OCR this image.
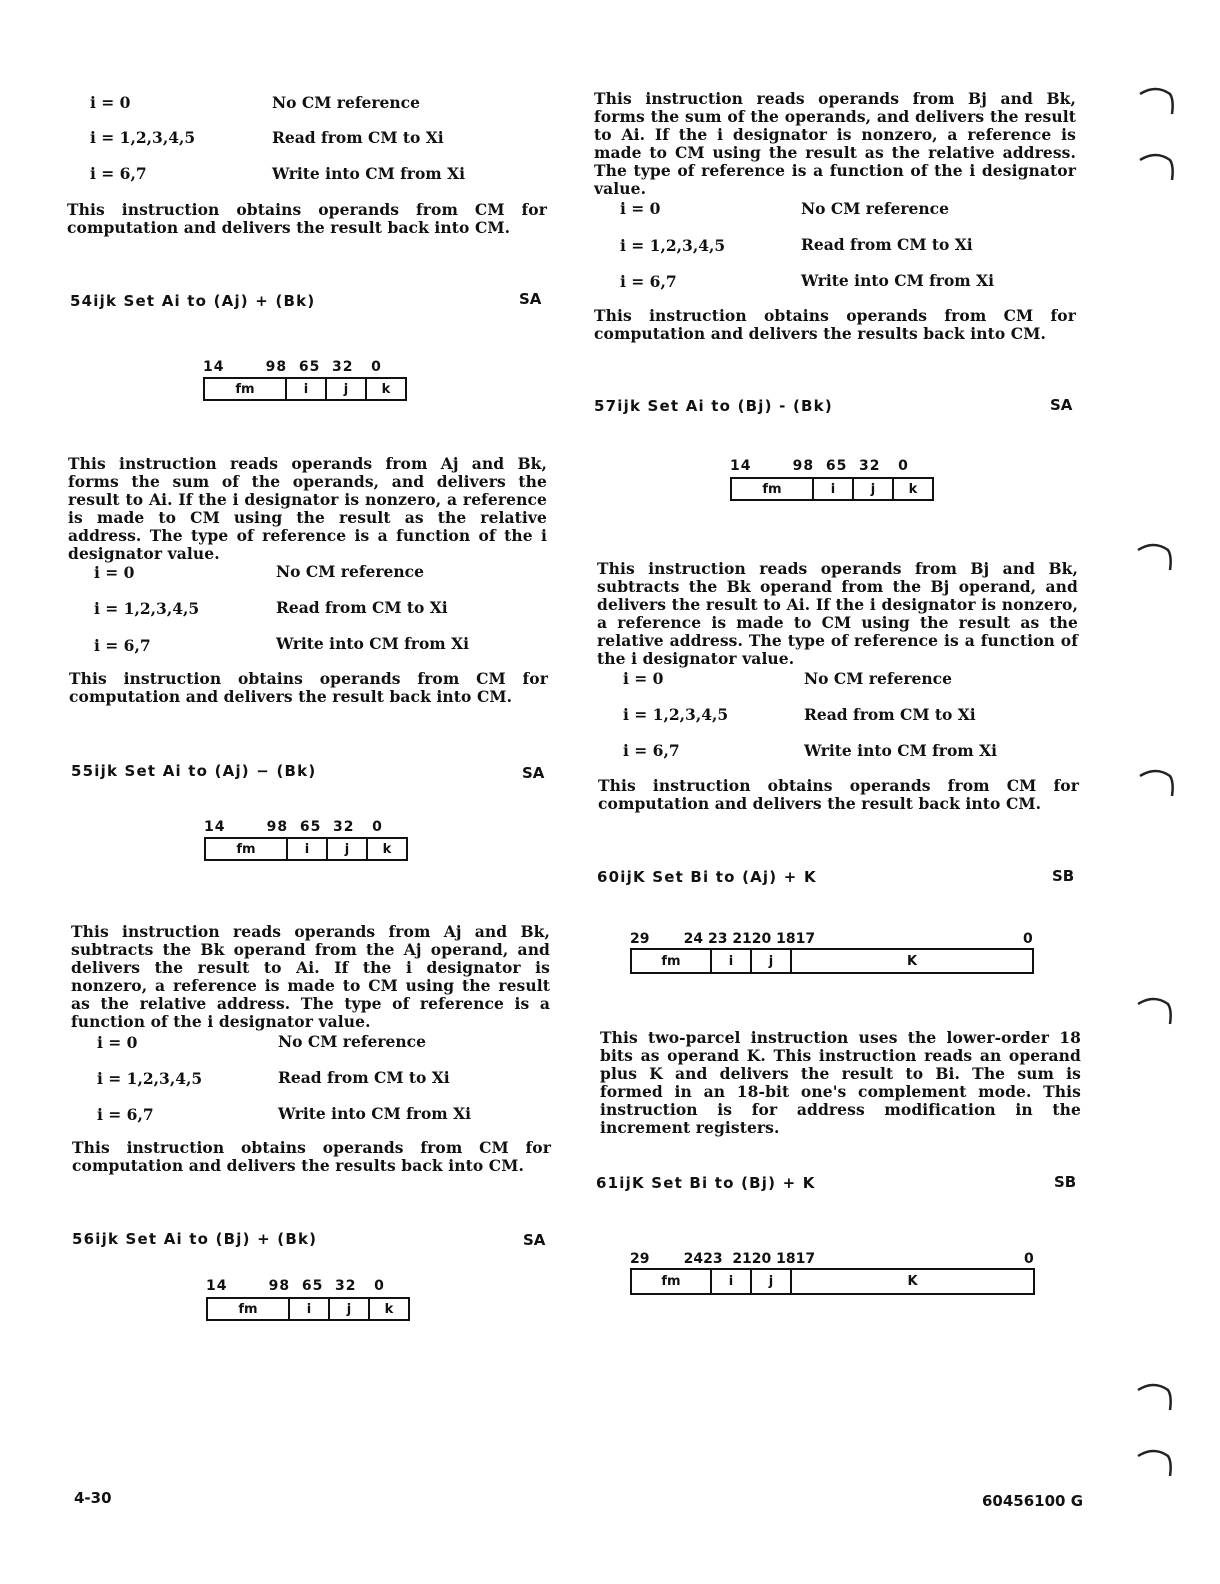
i = 0	No CM reference
i = 1,2,3,4,5	Read from CM to Xi
i = 6,7	Write into CM from Xi
This instruction obtains operands from CM for computation and delivers the result back into CM.
54ijk Set Ai to (Aj) + (Bk)	SA
14       98  65  32   0
fm	i	j	k
This instruction reads operands from Aj and Bk, forms the sum of the operands, and delivers the result to Ai. If the i designator is nonzero, a reference is made to CM using the result as the relative address. The type of reference is a function of the i designator value.
i = 0	No CM reference
i = 1,2,3,4,5	Read from CM to Xi
i = 6,7	Write into CM from Xi
This instruction obtains operands from CM for computation and delivers the result back into CM.
55ijk Set Ai to (Aj) − (Bk)	SA
14       98  65  32   0
fm	i	j	k
This instruction reads operands from Aj and Bk, subtracts the Bk operand from the Aj operand, and delivers the result to Ai. If the i designator is nonzero, a reference is made to CM using the result as the relative address. The type of reference is a function of the i designator value.
i = 0	No CM reference
i = 1,2,3,4,5	Read from CM to Xi
i = 6,7	Write into CM from Xi
This instruction obtains operands from CM for computation and delivers the results back into CM.
56ijk Set Ai to (Bj) + (Bk)	SA
14       98  65  32   0
fm	i	j	k
This instruction reads operands from Bj and Bk, forms the sum of the operands, and delivers the result to Ai. If the i designator is nonzero, a reference is made to CM using the result as the relative address. The type of reference is a function of the i designator value.
i = 0	No CM reference
i = 1,2,3,4,5	Read from CM to Xi
i = 6,7	Write into CM from Xi
This instruction obtains operands from CM for computation and delivers the results back into CM.
57ijk Set Ai to (Bj) - (Bk)	SA
14       98  65  32   0
fm	i	j	k
This instruction reads operands from Bj and Bk, subtracts the Bk operand from the Bj operand, and delivers the result to Ai. If the i designator is nonzero, a reference is made to CM using the result as the relative address. The type of reference is a function of the i designator value.
i = 0	No CM reference
i = 1,2,3,4,5	Read from CM to Xi
i = 6,7	Write into CM from Xi
This instruction obtains operands from CM for computation and delivers the result back into CM.
60ijK Set Bi to (Aj) + K	SB
29       24 23 2120 1817	0
fm	i	j	K
This two-parcel instruction uses the lower-order 18 bits as operand K. This instruction reads an operand plus K and delivers the result to Bi. The sum is formed in an 18-bit one's complement mode. This instruction is for address modification in the increment registers.
61ijK Set Bi to (Bj) + K	SB
29       2423  2120 1817	0
fm	i	j	K
4-30	60456100 G
